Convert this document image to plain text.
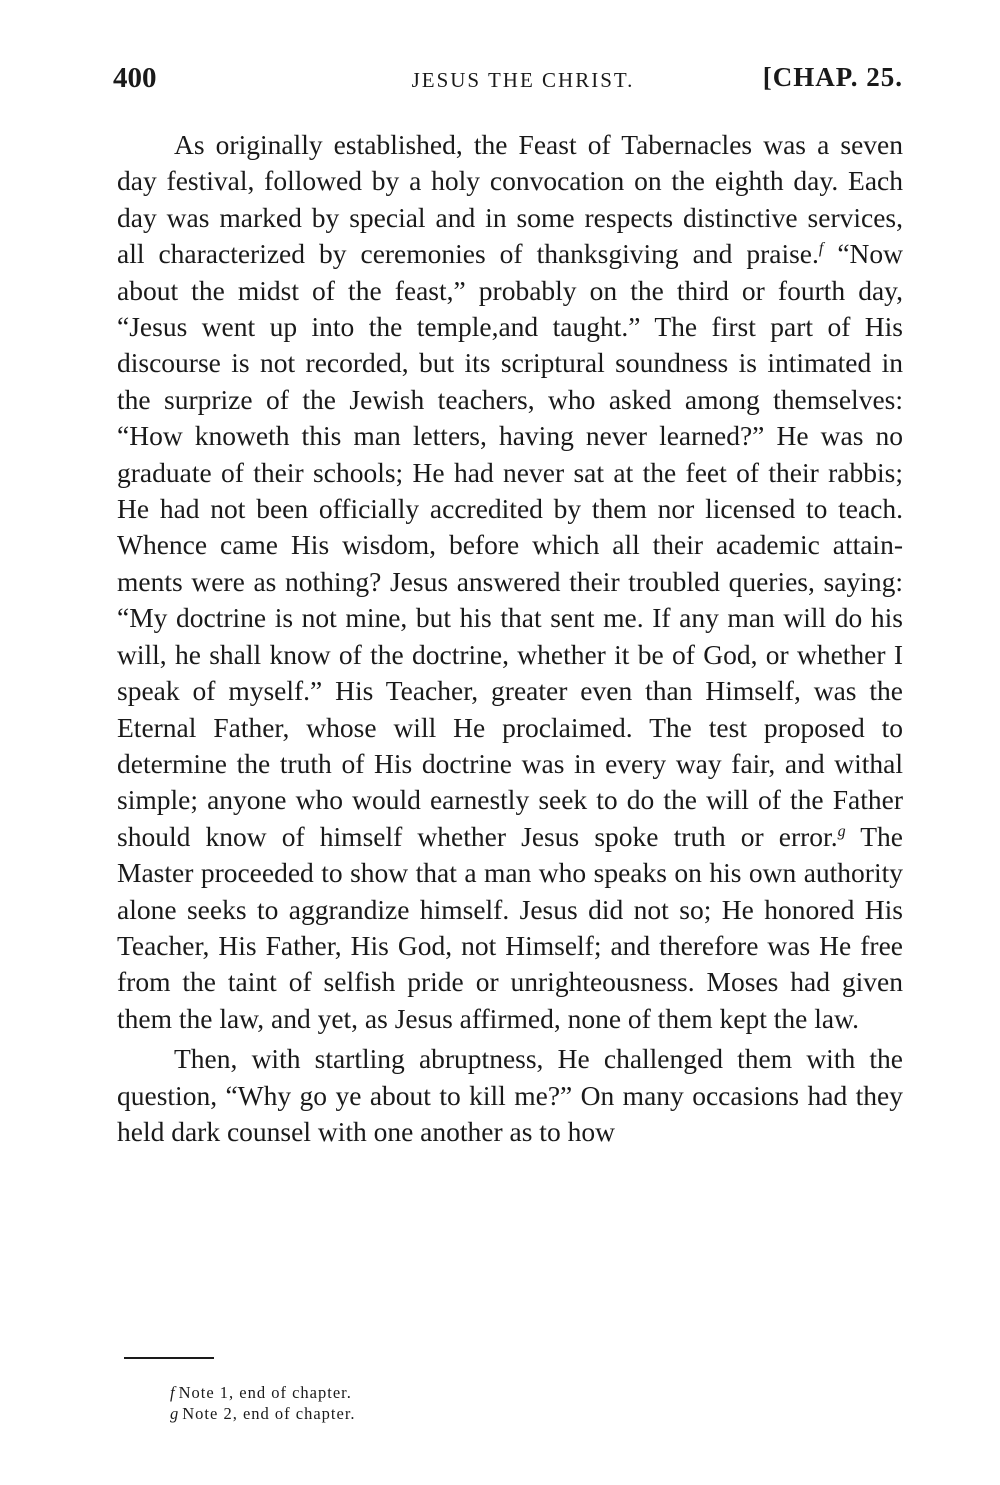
400	JESUS THE CHRIST.	[CHAP. 25.

As originally established, the Feast of Tabernacles was a seven day festival, followed by a holy convocation on the eighth day. Each day was marked by special and in some respects distinctive services, all characterized by ceremonies of thanksgiving and praise.$^f$ “Now about the midst of the feast,” probably on the third or fourth day, “Jesus went up into the temple,and taught.” The first part of His discourse is not recorded, but its scriptural soundness is intimated in the surprize of the Jewish teachers, who asked among themselves: “How knoweth this man letters, having never learned?” He was no graduate of their schools; He had never sat at the feet of their rabbis; He had not been officially accredited by them nor licensed to teach. Whence came His wisdom, before which all their academic attainments were as nothing? Jesus answered their troubled queries, saying: “My doctrine is not mine, but his that sent me. If any man will do his will, he shall know of the doctrine, whether it be of God, or whether I speak of myself.” His Teacher, greater even than Himself, was the Eternal Father, whose will He proclaimed. The test proposed to determine the truth of His doctrine was in every way fair, and withal simple; anyone who would earnestly seek to do the will of the Father should know of himself whether Jesus spoke truth or error.$^g$ The Master proceeded to show that a man who speaks on his own authority alone seeks to aggrandize himself. Jesus did not so; He honored His Teacher, His Father, His God, not Himself; and therefore was He free from the taint of selfish pride or unrighteousness. Moses had given them the law, and yet, as Jesus affirmed, none of them kept the law.

Then, with startling abruptness, He challenged them with the question, “Why go ye about to kill me?” On many occasions had they held dark counsel with one another as to how

f Note 1, end of chapter.
g Note 2, end of chapter.
